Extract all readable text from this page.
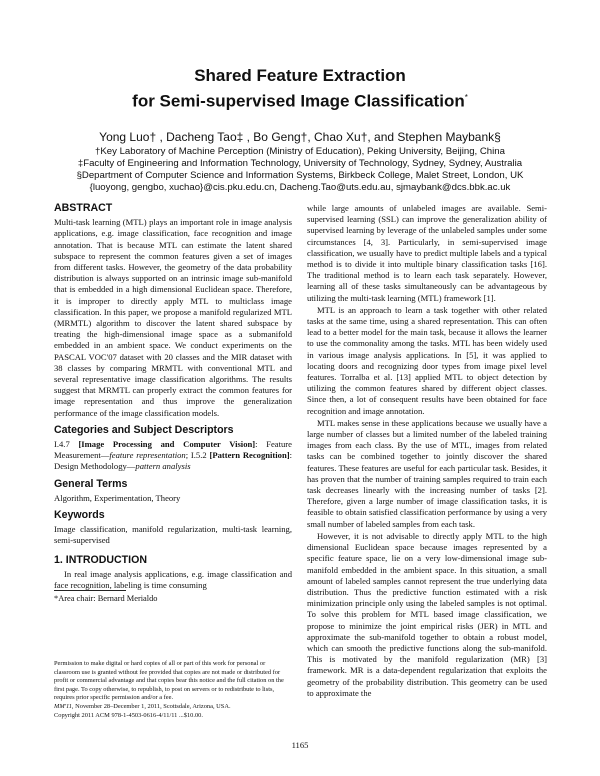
Shared Feature Extraction
for Semi-supervised Image Classification*
Yong Luo† , Dacheng Tao‡ , Bo Geng†, Chao Xu†, and Stephen Maybank§
†Key Laboratory of Machine Perception (Ministry of Education), Peking University, Beijing, China
‡Faculty of Engineering and Information Technology, University of Technology, Sydney, Sydney, Australia
§Department of Computer Science and Information Systems, Birkbeck College, Malet Street, London, UK
{luoyong, gengbo, xuchao}@cis.pku.edu.cn, Dacheng.Tao@uts.edu.au, sjmaybank@dcs.bbk.ac.uk
ABSTRACT

Multi-task learning (MTL) plays an important role in image analysis applications, e.g. image classification, face recognition and image annotation. That is because MTL can estimate the latent shared subspace to represent the common features given a set of images from different tasks. However, the geometry of the data probability distribution is always supported on an intrinsic image sub-manifold that is embedded in a high dimensional Euclidean space. Therefore, it is improper to directly apply MTL to multiclass image classification. In this paper, we propose a manifold regularized MTL (MRMTL) algorithm to discover the latent shared subspace by treating the high-dimensional image space as a submanifold embedded in an ambient space. We conduct experiments on the PASCAL VOC'07 dataset with 20 classes and the MIR dataset with 38 classes by comparing MRMTL with conventional MTL and several representative image classification algorithms. The results suggest that MRMTL can properly extract the common features for image representation and thus improve the generalization performance of the image classification models.

Categories and Subject Descriptors

I.4.7 [Image Processing and Computer Vision]: Feature Measurement—feature representation; I.5.2 [Pattern Recognition]: Design Methodology—pattern analysis

General Terms

Algorithm, Experimentation, Theory

Keywords

Image classification, manifold regularization, multi-task learning, semi-supervised

1. INTRODUCTION

In real image analysis applications, e.g. image classification and face recognition, labeling is time consuming

*Area chair: Bernard Merialdo
Permission to make digital or hard copies of all or part of this work for personal or classroom use is granted without fee provided that copies are not made or distributed for profit or commercial advantage and that copies bear this notice and the full citation on the first page. To copy otherwise, to republish, to post on servers or to redistribute to lists, requires prior specific permission and/or a fee.
MM'11, November 28–December 1, 2011, Scottsdale, Arizona, USA.
Copyright 2011 ACM 978-1-4503-0616-4/11/11 ...$10.00.

while large amounts of unlabeled images are available. Semi-supervised learning (SSL) can improve the generalization ability of supervised learning by leverage of the unlabeled samples under some circumstances [4, 3]. Particularly, in semi-supervised image classification, we usually have to predict multiple labels and a typical method is to divide it into multiple binary classification tasks [16]. The traditional method is to learn each task separately. However, learning all of these tasks simultaneously can be advantageous by utilizing the multi-task learning (MTL) framework [1].

MTL is an approach to learn a task together with other related tasks at the same time, using a shared representation. This can often lead to a better model for the main task, because it allows the learner to use the commonality among the tasks. MTL has been widely used in various image analysis applications. In [5], it was applied to locating doors and recognizing door types from image pixel level features. Torralba et al. [13] applied MTL to object detection by utilizing the common features shared by different object classes. Since then, a lot of consequent results have been obtained for face recognition and image annotation.

MTL makes sense in these applications because we usually have a large number of classes but a limited number of the labeled training images from each class. By the use of MTL, images from related tasks can be combined together to jointly discover the shared features. These features are useful for each particular task. Besides, it has proven that the number of training samples required to train each task decreases linearly with the increasing number of tasks [2]. Therefore, given a large number of image classification tasks, it is feasible to obtain satisfied classification performance by using a very small number of labeled samples from each task.

However, it is not advisable to directly apply MTL to the high dimensional Euclidean space because images represented by a specific feature space, lie on a very low-dimensional image sub-manifold embedded in the ambient space. In this situation, a small amount of labeled samples cannot represent the true underlying data distribution. Thus the predictive function estimated with a risk minimization principle only using the labeled samples is not optimal. To solve this problem for MTL based image classification, we propose to minimize the joint empirical risks (JER) in MTL and approximate the sub-manifold together to obtain a robust model, which can smooth the predictive functions along the sub-manifold. This is motivated by the manifold regularization (MR) [3] framework. MR is a data-dependent regularization that exploits the geometry of the probability distribution. This geometry can be used to approximate the

1165
